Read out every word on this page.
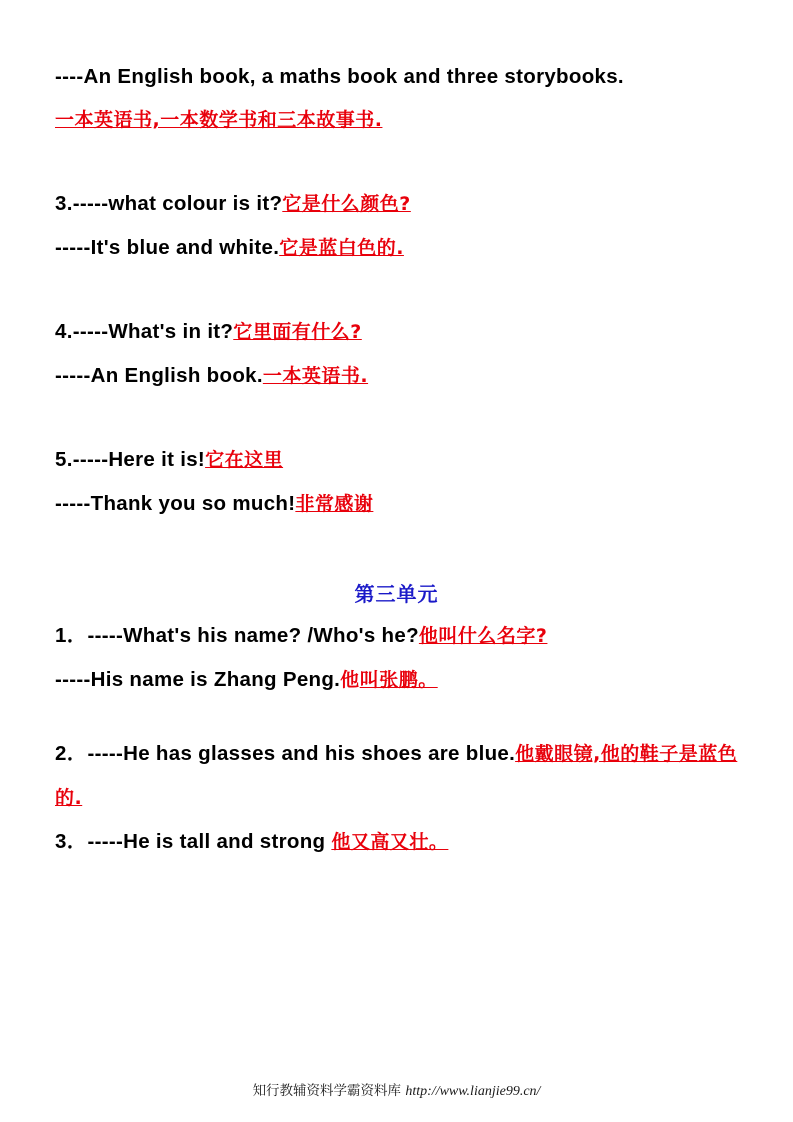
----An English book, a maths book and three storybooks.
一本英语书,一本数学书和三本故事书.
3.-----what colour is it?它是什么颜色?
-----It's blue and white.它是蓝白色的.
4.-----What's in it?它里面有什么?
-----An English book.一本英语书.
5.-----Here it is!它在这里
-----Thank you so much!非常感谢
第三单元
1．-----What's his name? /Who's he?他叫什么名字?
-----His name is Zhang Peng.他叫张鹏。
2．-----He has glasses and his shoes are blue.他戴眼镜,他的鞋子是蓝色的.
3．-----He is tall and strong 他又高又壮。
知行教辅资料学霸资料库 http://www.lianjie99.cn/
